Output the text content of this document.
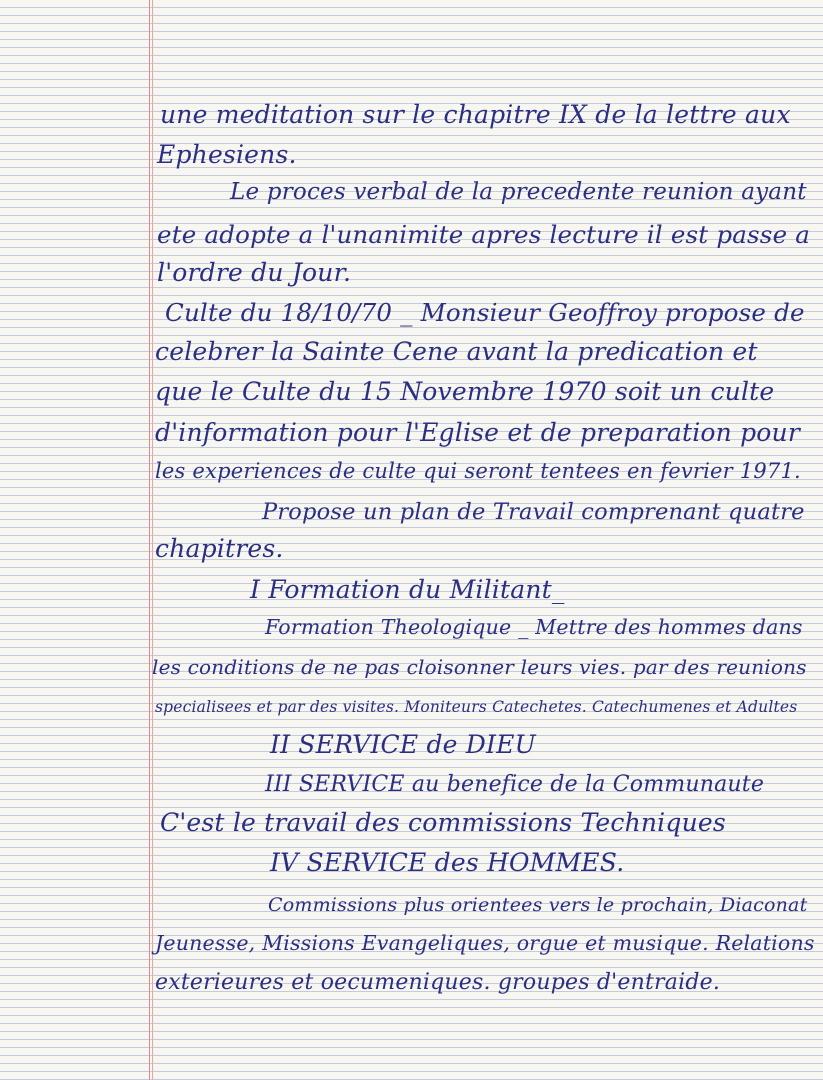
une meditation sur le chapitre IX de la lettre aux
Ephesiens.
Le proces verbal de la precedente reunion ayant
ete adopte a l'unanimite apres lecture il est passe a
l'ordre du Jour.
Culte du 18/10/70 _ Monsieur Geoffroy propose de
celebrer la Sainte Cene avant la predication et
que le Culte du 15 Novembre 1970 soit un culte
d'information pour l'Eglise et de preparation pour
les experiences de culte qui seront tentees en fevrier 1971.
Propose un plan de Travail comprenant quatre
chapitres.
I Formation du Militant_
Formation Theologique _ Mettre des hommes dans
les conditions de ne pas cloisonner leurs vies. par des reunions
specialisees et par des visites. Moniteurs Catechetes. Catechumenes et Adultes
II SERVICE de DIEU
III SERVICE au benefice de la Communaute
C'est le travail des commissions Techniques
IV SERVICE des HOMMES.
Commissions plus orientees vers le prochain, Diaconat
Jeunesse, Missions Evangeliques, orgue et musique. Relations
exterieures et oecumeniques. groupes d'entraide.
